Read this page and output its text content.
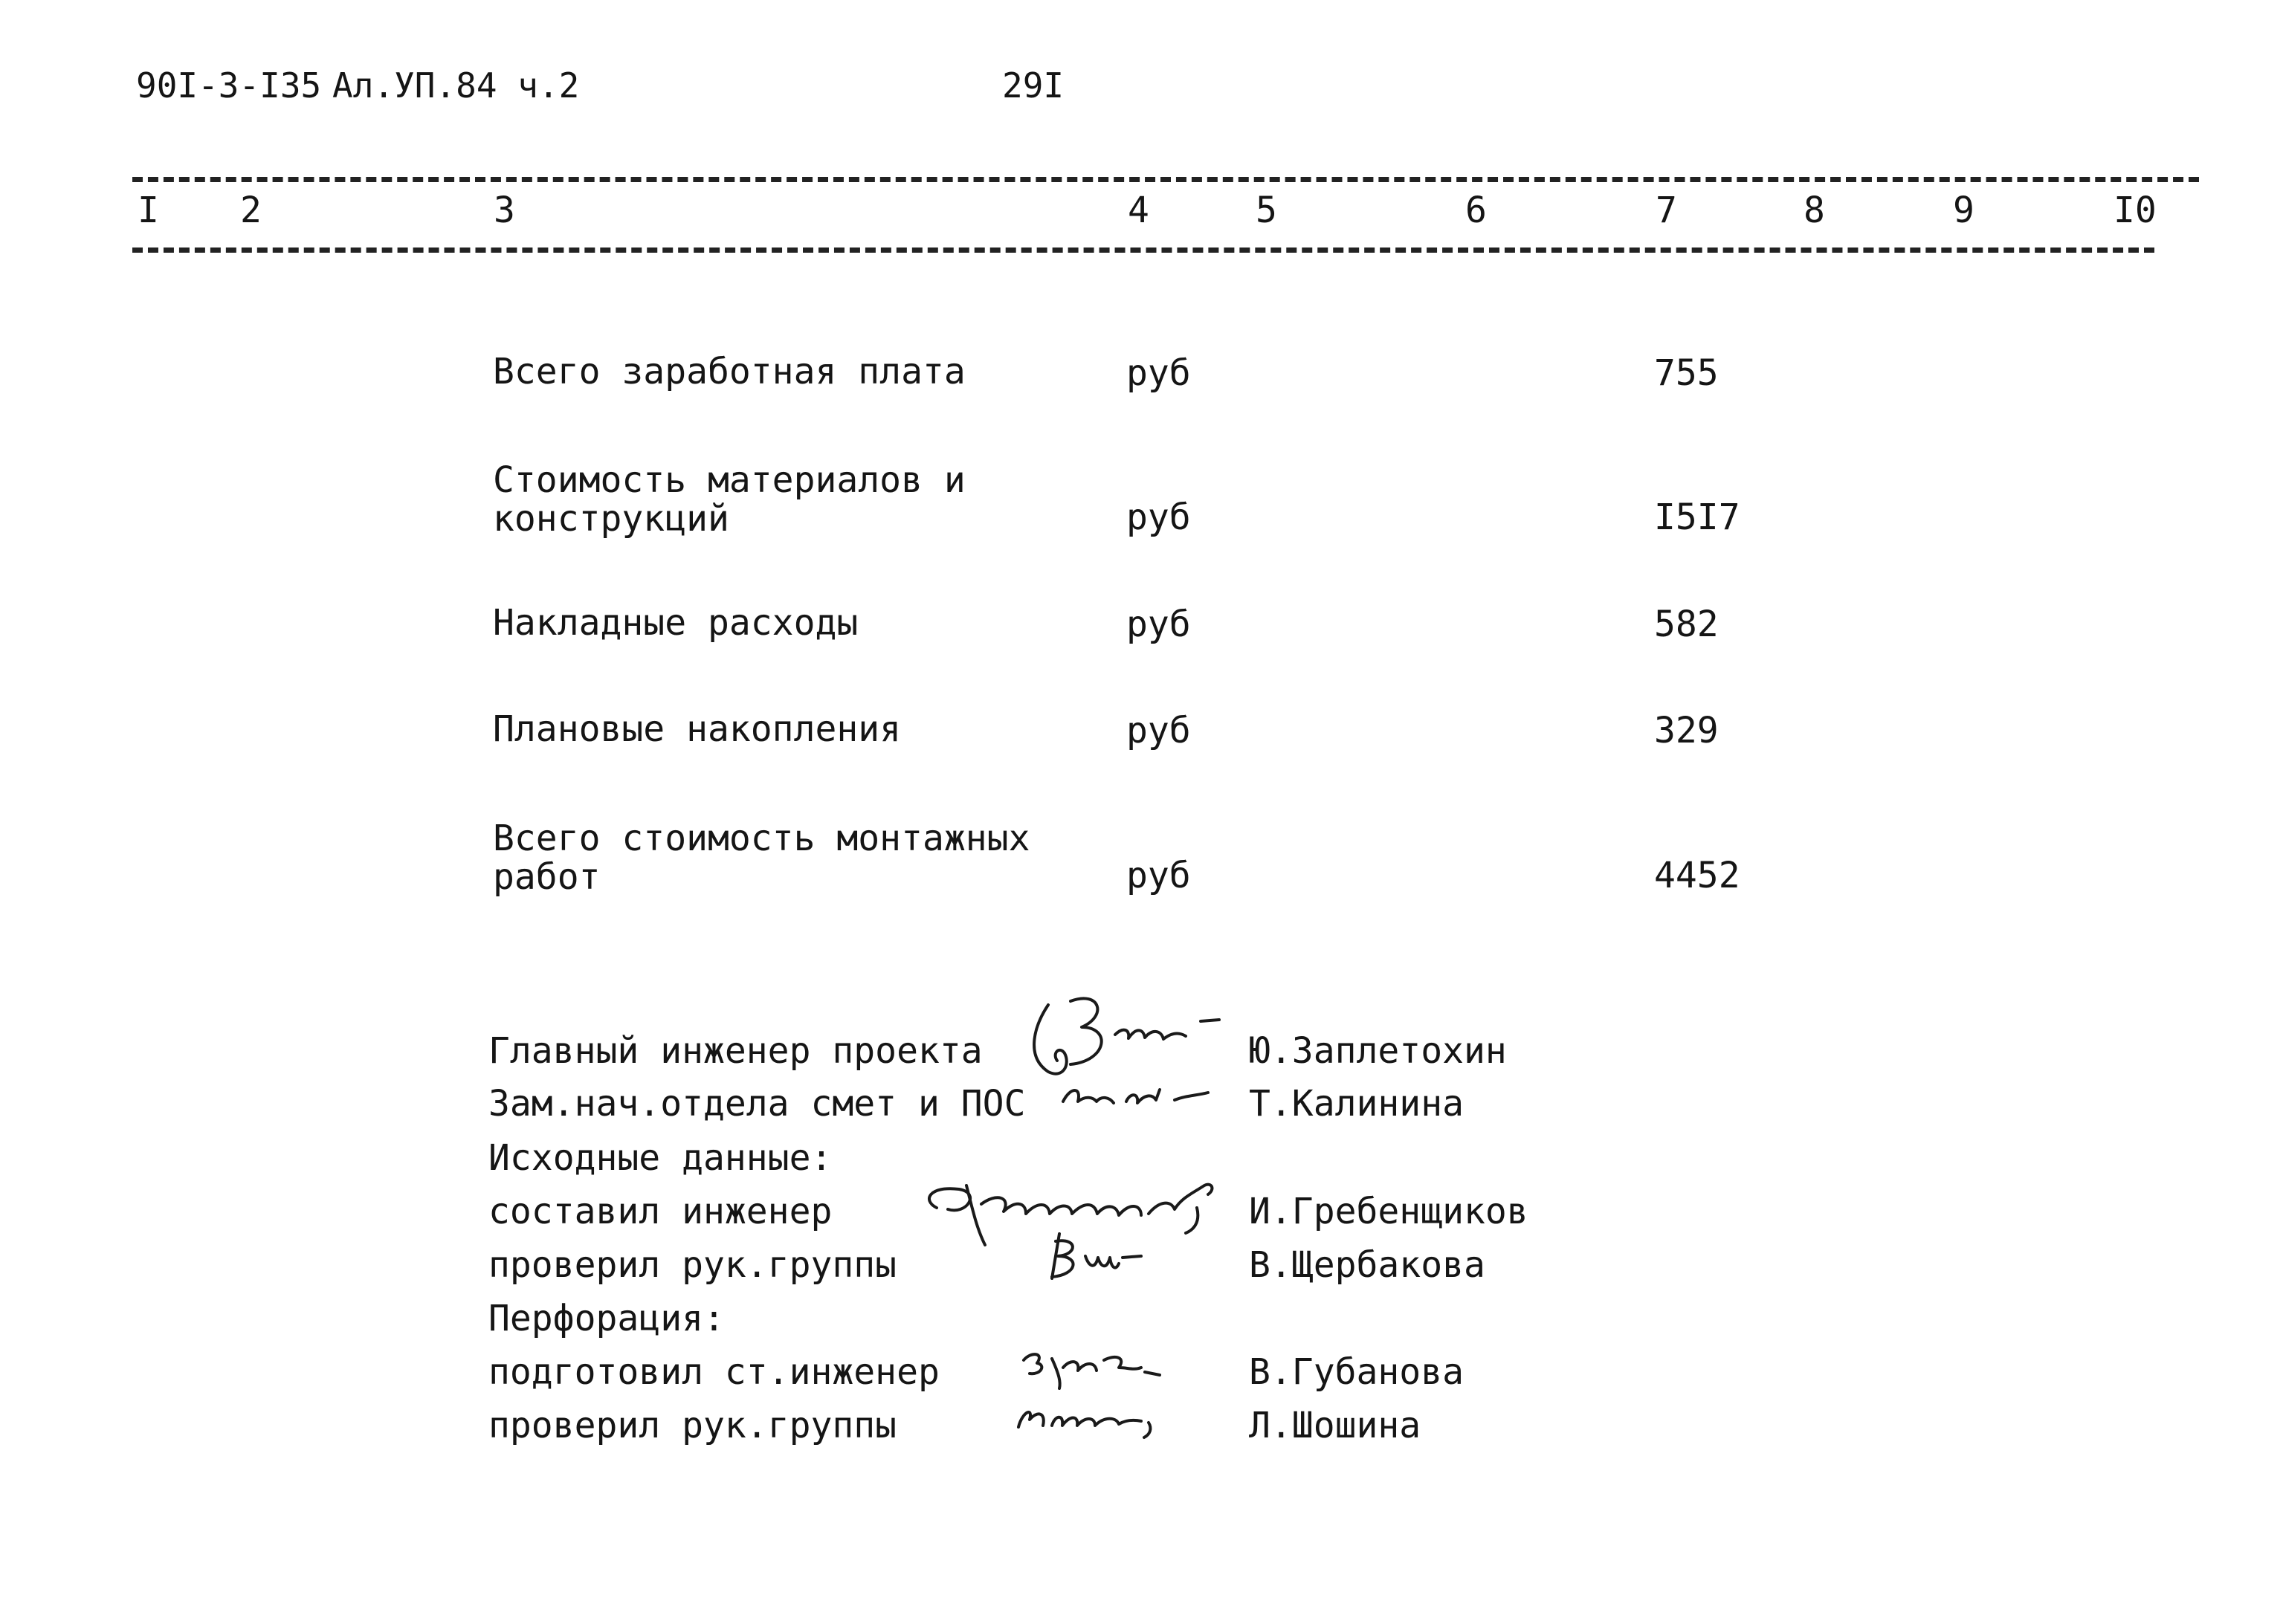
90I-3-I35 Ал.УП.84 ч.2	29I
I 2	3	4	5	6	7	8	9	I0
Всего заработная плата	руб	755
Стоимость материалов и
конструкций	руб	I5I7
Накладные расходы	руб	582
Плановые накопления	руб	329
Всего стоимость монтажных
работ	руб	4452
Главный инженер проекта	Ю.Заплетохин
Зам.нач.отдела смет и ПОС	Т.Калинина
Исходные данные:
составил инженер	И.Гребенщиков
проверил рук.группы	В.Щербакова
Перфорация:
подготовил ст.инженер	В.Губанова
проверил рук.группы	Л.Шошина
